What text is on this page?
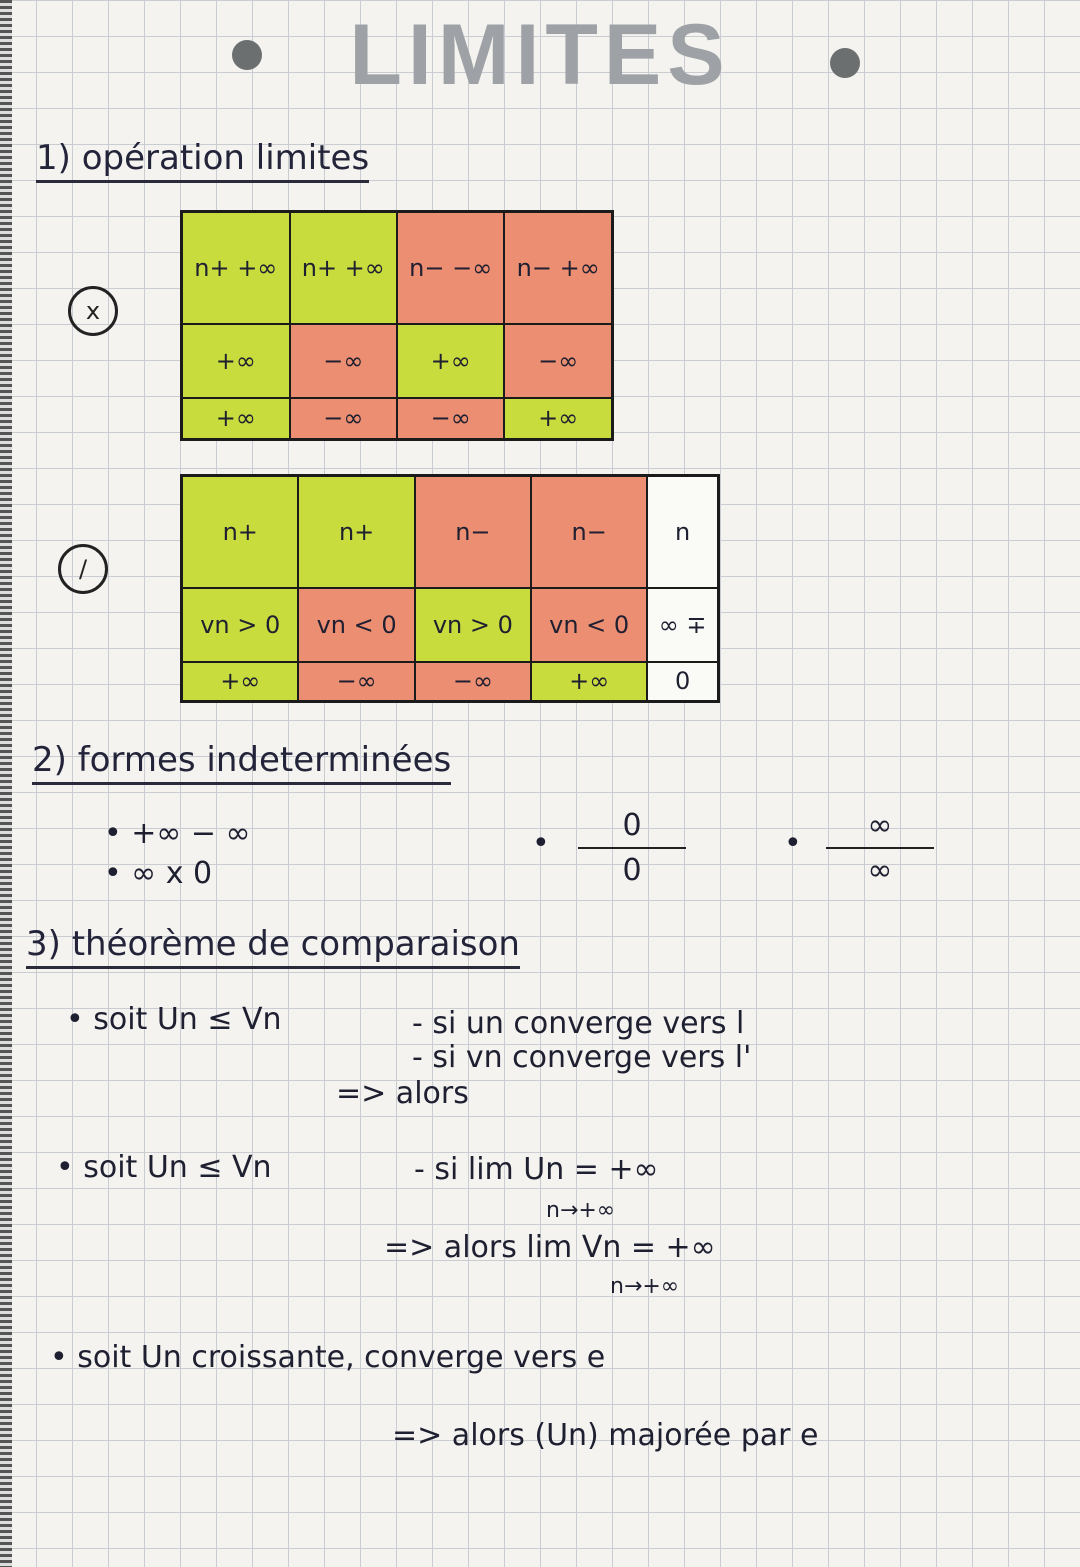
LIMITES
1) opération limites
x
n+ +∞	n+ +∞	n− −∞	n− +∞
+∞	−∞	+∞	−∞
+∞	−∞	−∞	+∞
/
n+	n+	n−	n−	n
vn > 0	vn < 0	vn > 0	vn < 0	∞ ∓
+∞	−∞	−∞	+∞	0
2) formes indeterminées
• +∞ − ∞
• ∞ x 0
•
0
0
•
∞
∞
3) théorème de comparaison
• soit Un ≤ Vn	- si un converge vers l
- si vn converge vers l'
=> alors
• soit Un ≤ Vn	- si lim Un = +∞
n→+∞
=> alors lim Vn = +∞
n→+∞
• soit Un croissante, converge vers e
=> alors (Un) majorée par e
